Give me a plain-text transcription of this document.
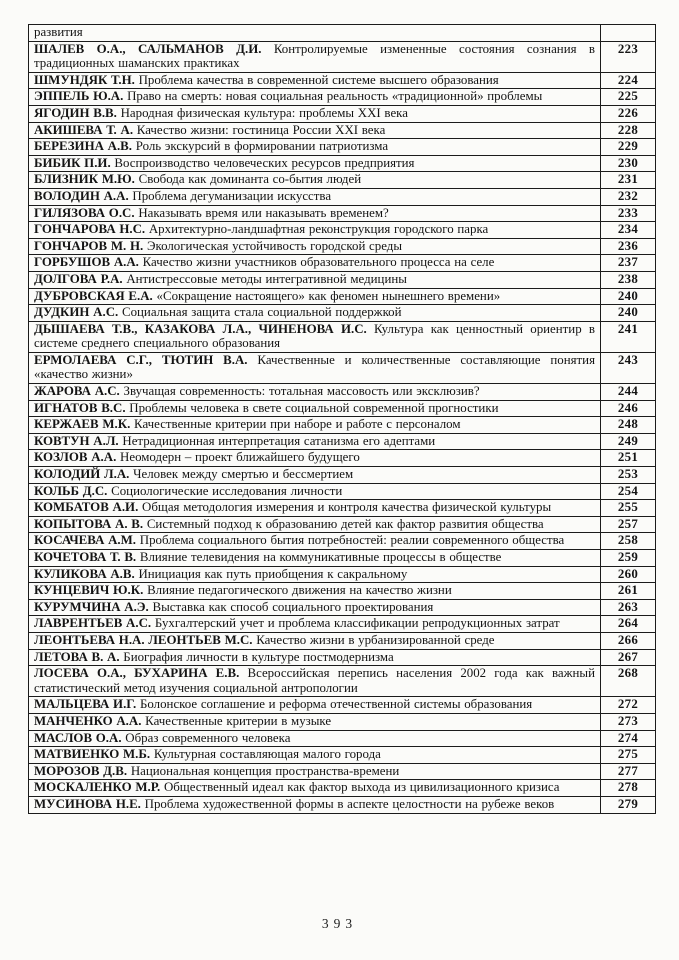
развития	
ШАЛЕВ О.А., САЛЬМАНОВ Д.И. Контролируемые измененные состояния сознания в традиционных шаманских практиках	223
ШМУНДЯК Т.Н. Проблема качества в современной системе высшего образования	224
ЭППЕЛЬ Ю.А. Право на смерть: новая социальная реальность «традиционной» проблемы	225
ЯГОДИН В.В. Народная физическая культура: проблемы XXI века	226
АКИШЕВА Т. А. Качество жизни: гостиница России XXI века	228
БЕРЕЗИНА А.В. Роль экскурсий в формировании патриотизма	229
БИБИК П.И. Воспроизводство человеческих ресурсов предприятия	230
БЛИЗНИК М.Ю. Свобода как доминанта со-бытия людей	231
ВОЛОДИН А.А. Проблема дегуманизации искусства	232
ГИЛЯЗОВА О.С. Наказывать время или наказывать временем?	233
ГОНЧАРОВА Н.С. Архитектурно-ландшафтная реконструкция городского парка	234
ГОНЧАРОВ М. Н. Экологическая устойчивость городской среды	236
ГОРБУШОВ А.А. Качество жизни участников образовательного процесса на селе	237
ДОЛГОВА Р.А. Антистрессовые методы интегративной медицины	238
ДУБРОВСКАЯ Е.А. «Сокращение настоящего» как феномен нынешнего времени»	240
ДУДКИН А.С. Социальная защита стала социальной поддержкой	240
ДЫШАЕВА Т.В., КАЗАКОВА Л.А., ЧИНЕНОВА И.С. Культура как ценностный ориентир в системе среднего специального образования	241
ЕРМОЛАЕВА С.Г., ТЮТИН В.А. Качественные и количественные составляющие понятия «качество жизни»	243
ЖАРОВА А.С. Звучащая современность: тотальная массовость или эксклюзив?	244
ИГНАТОВ В.С. Проблемы человека в свете социальной современной прогностики	246
КЕРЖАЕВ М.К. Качественные критерии при наборе и работе с персоналом	248
КОВТУН А.Л. Нетрадиционная интерпретация сатанизма его адептами	249
КОЗЛОВ А.А. Неомодерн – проект ближайшего будущего	251
КОЛОДИЙ Л.А. Человек между смертью и бессмертием	253
КОЛЬБ Д.С. Социологические исследования личности	254
КОМБАТОВ А.И. Общая методология измерения и контроля качества физической культуры	255
КОПЫТОВА А. В. Системный подход к образованию детей как фактор развития общества	257
КОСАЧЕВА А.М. Проблема социального бытия потребностей: реалии современного общества	258
КОЧЕТОВА Т. В. Влияние телевидения на коммуникативные процессы в обществе	259
КУЛИКОВА А.В. Инициация как путь приобщения к сакральному	260
КУНЦЕВИЧ Ю.К. Влияние педагогического движения на качество жизни	261
КУРУМЧИНА А.Э. Выставка как способ социального проектирования	263
ЛАВРЕНТЬЕВ А.С. Бухгалтерский учет и проблема классификации репродукционных затрат	264
ЛЕОНТЬЕВА Н.А. ЛЕОНТЬЕВ М.С. Качество жизни в урбанизированной среде	266
ЛЕТОВА В. А. Биография личности в культуре постмодернизма	267
ЛОСЕВА О.А., БУХАРИНА Е.В. Всероссийская перепись населения 2002 года как важный статистический метод изучения социальной антропологии	268
МАЛЬЦЕВА И.Г. Болонское соглашение и реформа отечественной системы образования	272
МАНЧЕНКО А.А. Качественные критерии в музыке	273
МАСЛОВ О.А. Образ современного человека	274
МАТВИЕНКО М.Б. Культурная составляющая малого города	275
МОРОЗОВ Д.В. Национальная концепция пространства-времени	277
МОСКАЛЕНКО М.Р. Общественный идеал как фактор выхода из цивилизационного кризиса	278
МУСИНОВА Н.Е. Проблема художественной формы в аспекте целостности на рубеже веков	279
393
